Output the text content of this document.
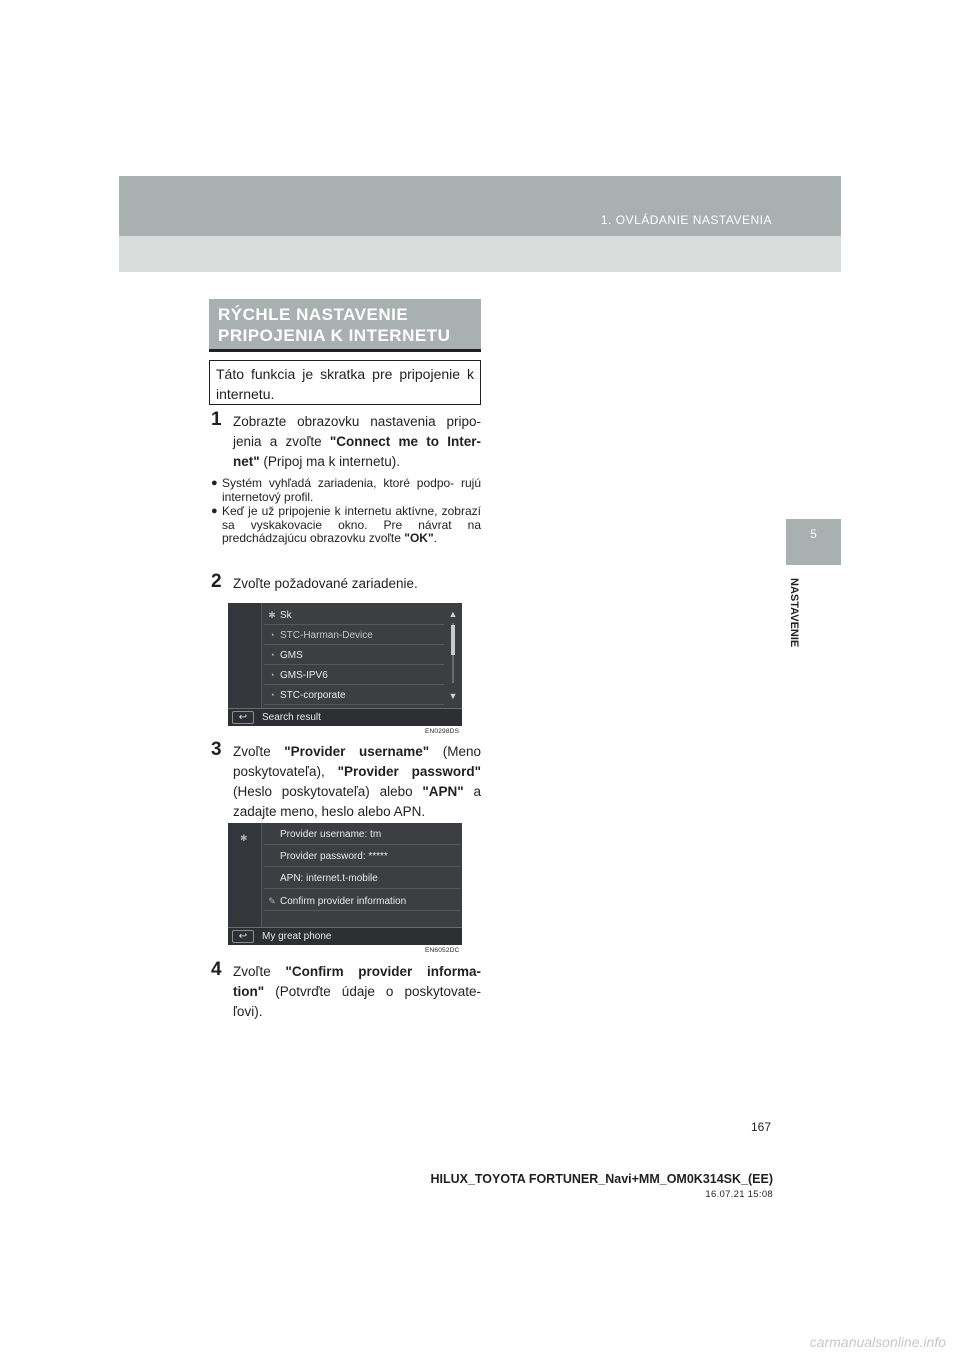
1. OVLÁDANIE NASTAVENIA
5
NASTAVENIE
RÝCHLE NASTAVENIE
PRIPOJENIA K INTERNETU
Táto funkcia je skratka pre pripojenie k internetu.
1 Zobrazte obrazovku nastavenia pripo- jenia a zvoľte "Connect me to Inter- net" (Pripoj ma k internetu).
● Systém vyhľadá zariadenia, ktoré podpo- rujú internetový profil.
● Keď je už pripojenie k internetu aktívne, zobrazí sa vyskakovacie okno. Pre návrat na predchádzajúcu obrazovku zvoľte "OK".
2 Zvoľte požadované zariadenie.
✱ Sk
◔ STC-Harman-Device
◔ GMS
◔ GMS-IPV6
◔ STC-corporate
▲
▼
↩	Search result
EN0298DS
3 Zvoľte "Provider username" (Meno poskytovateľa), "Provider password" (Heslo poskytovateľa) alebo "APN" a zadajte meno, heslo alebo APN.
✱	Provider username: tm
Provider password: *****
APN: internet.t-mobile
✎ Confirm provider information
↩	My great phone
EN6052DC
4 Zvoľte "Confirm provider informa- tion" (Potvrďte údaje o poskytovate- ľovi).
167
HILUX_TOYOTA FORTUNER_Navi+MM_OM0K314SK_(EE)
16.07.21 15:08
carmanualsonline.info
